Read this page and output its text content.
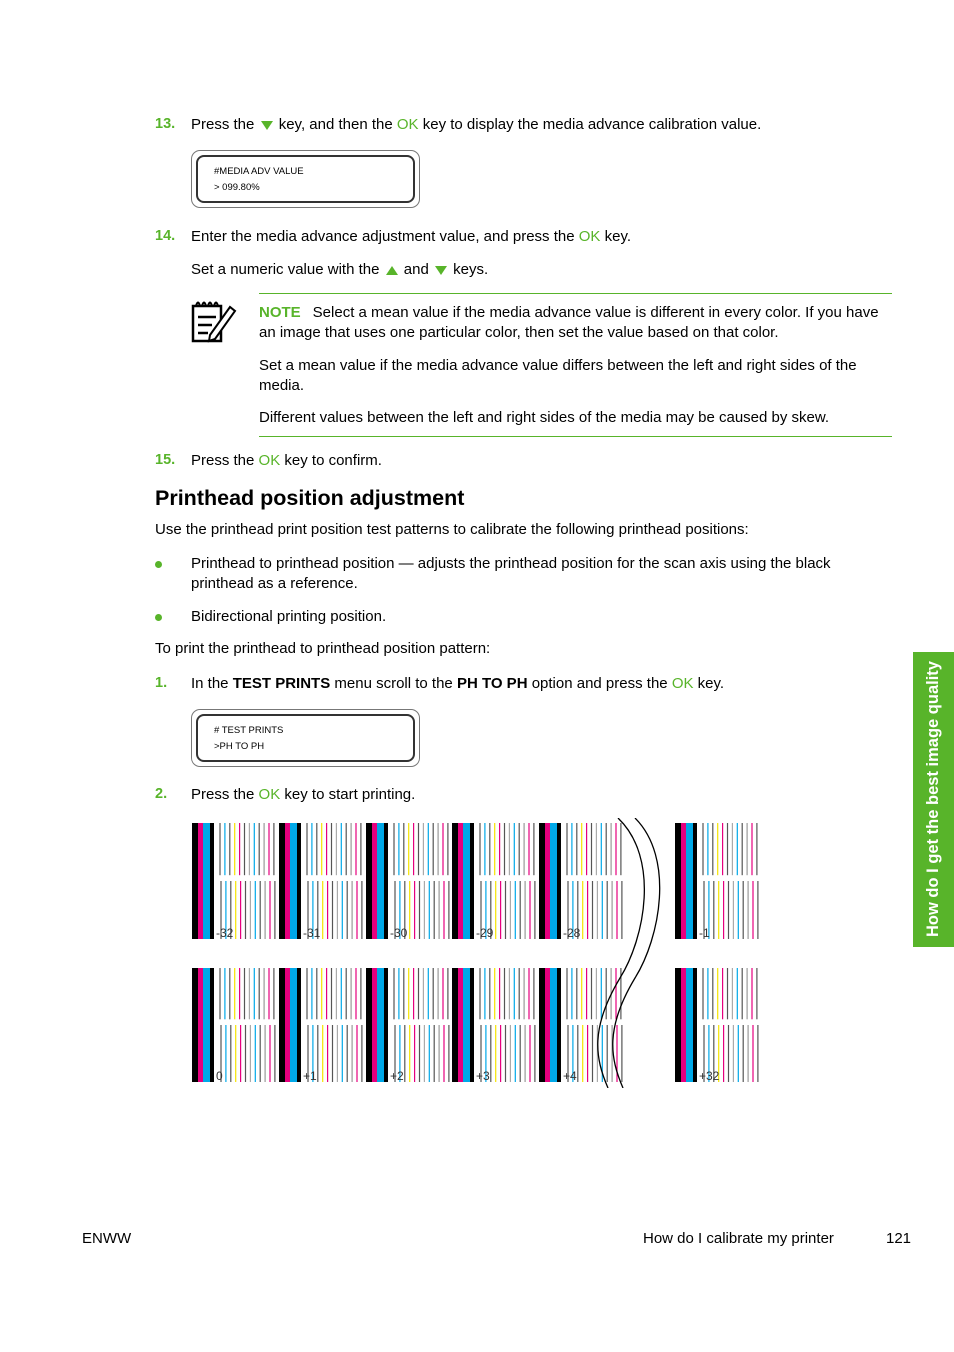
13. Press the key, and then the OK key to display the media advance calibration value.
#MEDIA ADV VALUE
> 099.80%
14. Enter the media advance adjustment value, and press the OK key.
Set a numeric value with the and keys.
NOTE Select a mean value if the media advance value is different in every color. If you have an image that uses one particular color, then set the value based on that color.
Set a mean value if the media advance value differs between the left and right sides of the media.
Different values between the left and right sides of the media may be caused by skew.
15. Press the OK key to confirm.
Printhead position adjustment
Use the printhead print position test patterns to calibrate the following printhead positions:
Printhead to printhead position — adjusts the printhead position for the scan axis using the black printhead as a reference.
Bidirectional printing position.
To print the printhead to printhead position pattern:
1. In the TEST PRINTS menu scroll to the PH TO PH option and press the OK key.
# TEST PRINTS
>PH TO PH
2. Press the OK key to start printing.
-32	-31	-30	-29	-28	-1
0	+1	+2	+3	+4	+32
How do I get the best image quality
ENWW	How do I calibrate my printer	121
